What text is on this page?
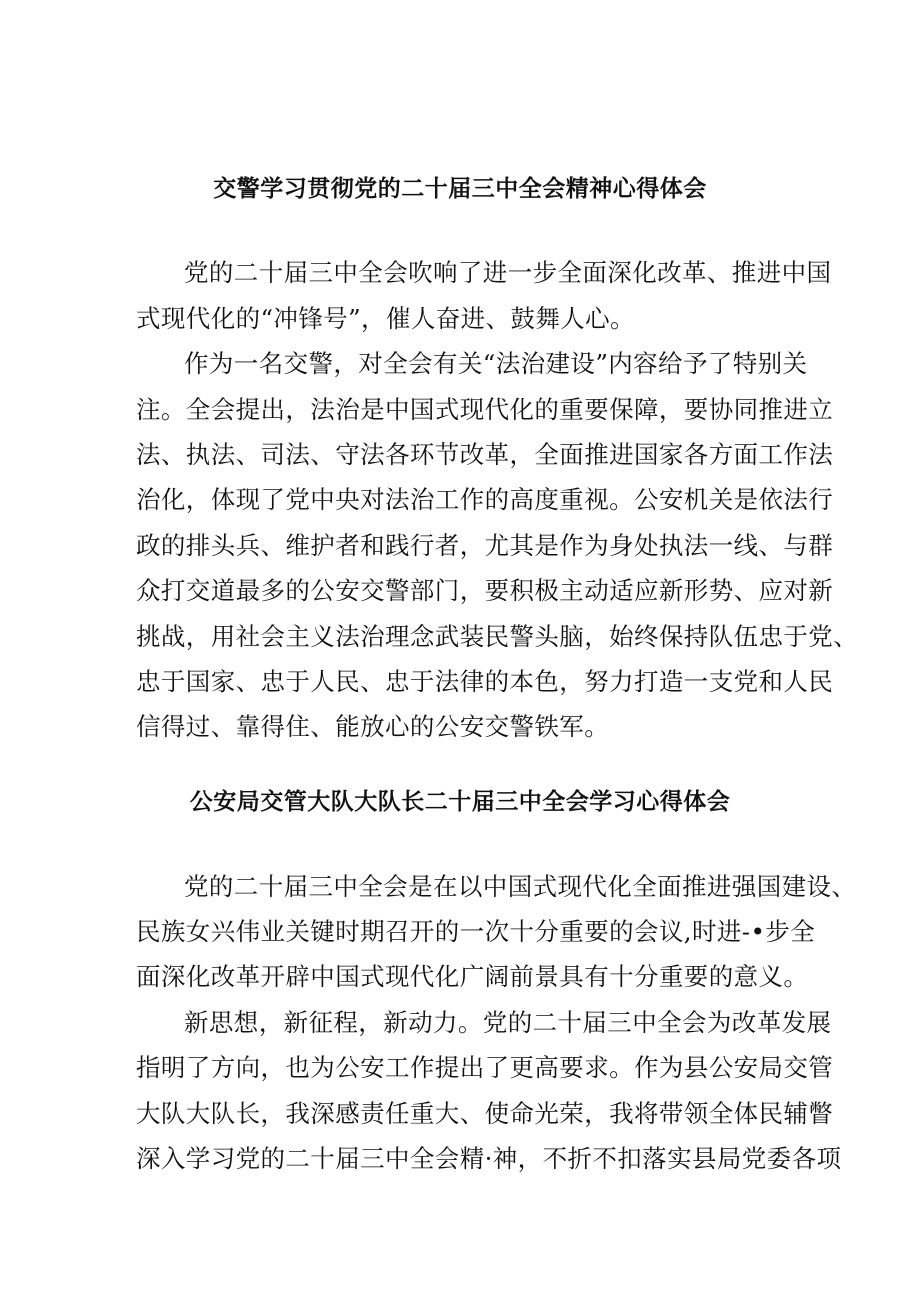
交警学习贯彻党的二十届三中全会精神心得体会
党的二十届三中全会吹响了进一步全面深化改革、推进中国
式现代化的“冲锋号”，催人奋进、鼓舞人心。
作为一名交警，对全会有关“法治建设”内容给予了特别关
注。全会提出，法治是中国式现代化的重要保障，要协同推进立
法、执法、司法、守法各环节改革，全面推进国家各方面工作法
治化，体现了党中央对法治工作的高度重视。公安机关是依法行
政的排头兵、维护者和践行者，尤其是作为身处执法一线、与群
众打交道最多的公安交警部门，要积极主动适应新形势、应对新
挑战，用社会主义法治理念武装民警头脑，始终保持队伍忠于党、
忠于国家、忠于人民、忠于法律的本色，努力打造一支党和人民
信得过、靠得住、能放心的公安交警铁军。
公安局交管大队大队长二十届三中全会学习心得体会
党的二十届三中全会是在以中国式现代化全面推进强国建设、
民族女兴伟业关键时期召开的一次十分重要的会议,时进-•步全
面深化改革开辟中国式现代化广阔前景具有十分重要的意义。
新思想，新征程，新动力。党的二十届三中全会为改革发展
指明了方向，也为公安工作提出了更高要求。作为县公安局交管
大队大队长，我深感责任重大、使命光荣，我将带领全体民辅瞥
深入学习党的二十届三中全会精·神，不折不扣落实县局党委各项
